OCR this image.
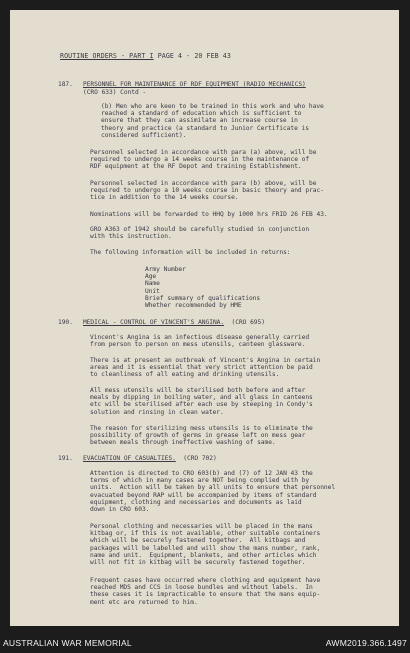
ROUTINE ORDERS - PART I PAGE 4 - 20 FEB 43
187. PERSONNEL FOR MAINTENANCE OF RDF EQUIPMENT (RADIO MECHANICS)
(CRO 633) Contd -
(b) Men who are keen to be trained in this work and who have
reached a standard of education which is sufficient to
ensure that they can assimilate an increase course in
theory and practice (a standard to Junior Certificate is
considered sufficient).
Personnel selected in accordance with para (a) above, will be
required to undergo a 14 weeks course in the maintenance of
RDF equipment at the RF Depot and training Establishment.
Personnel selected in accordance with para (b) above, will be
required to undergo a 10 weeks course in basic theory and prac-
tice in addition to the 14 weeks course.
Nominations will be forwarded to HHQ by 1000 hrs FRID 26 FEB 43.
GRO A363 of 1942 should be carefully studied in conjunction
with this instruction.
The following information will be included in returns:
Army Number
Age
Name
Unit
Brief summary of qualifications
Whether recommended by HME
190. MEDICAL - CONTROL OF VINCENT'S ANGINA. (CRO 695)
Vincent's Angina is an infectious disease generally carried
from person to person on mess utensils, canteen glassware.
There is at present an outbreak of Vincent's Angina in certain
areas and it is essential that very strict attention be paid
to cleanliness of all eating and drinking utensils.
All mess utensils will be sterilised both before and after
meals by dipping in boiling water, and all glass in canteens
etc will be sterilised after each use by steeping in Condy's
solution and rinsing in clean water.
The reason for sterilizing mess utensils is to eliminate the
possibility of growth of germs in grease left on mess gear
between meals through ineffective washing of same.
191. EVACUATION OF CASUALTIES. (CRO 702)
Attention is directed to CRO 603(b) and (7) of 12 JAN 43 the
terms of which in many cases are NOT being complied with by
units.  Action will be taken by all units to ensure that personnel
evacuated beyond RAP will be accompanied by items of standard
equipment, clothing and necessaries and documents as laid
down in CRO 603.
Personal clothing and necessaries will be placed in the mans
kitbag or, if this is not available, other suitable containers
which will be securely fastened together.  All kitbags and
packages will be labelled and will show the mans number, rank,
name and unit.  Equipment, blankets, and other articles which
will not fit in kitbag will be securely fastened together.
Frequent cases have occurred where clothing and equipment have
reached MDS and CCS in loose bundles and without labels.  In
these cases it is impracticable to ensure that the mans equip-
ment etc are returned to him.
AUSTRALIAN WAR MEMORIAL	AWM2019.366.1497
